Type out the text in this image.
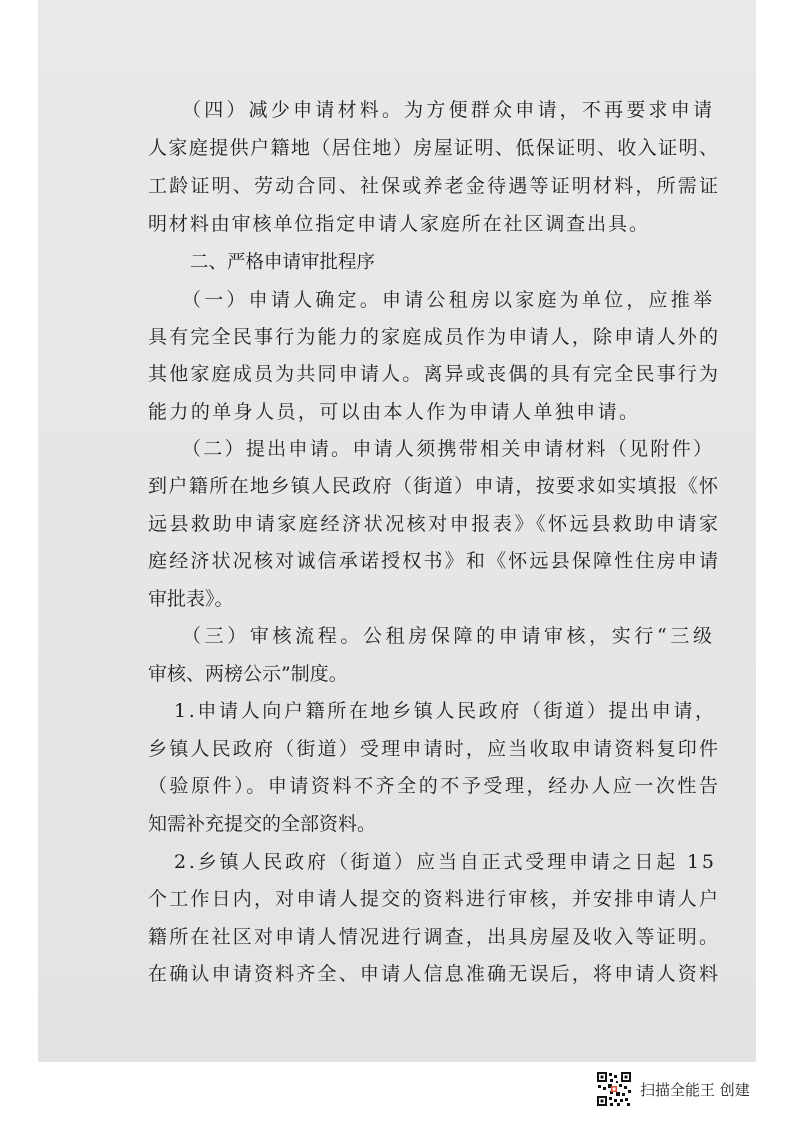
（四）减少申请材料。为方便群众申请，不再要求申请
人家庭提供户籍地（居住地）房屋证明、低保证明、收入证明、
工龄证明、劳动合同、社保或养老金待遇等证明材料，所需证
明材料由审核单位指定申请人家庭所在社区调查出具。
二、严格申请审批程序
（一）申请人确定。申请公租房以家庭为单位，应推举
具有完全民事行为能力的家庭成员作为申请人，除申请人外的
其他家庭成员为共同申请人。离异或丧偶的具有完全民事行为
能力的单身人员，可以由本人作为申请人单独申请。
（二）提出申请。申请人须携带相关申请材料（见附件）
到户籍所在地乡镇人民政府（街道）申请，按要求如实填报《怀
远县救助申请家庭经济状况核对申报表》《怀远县救助申请家
庭经济状况核对诚信承诺授权书》和《怀远县保障性住房申请
审批表》。
（三）审核流程。公租房保障的申请审核，实行“三级
审核、两榜公示”制度。
1.申请人向户籍所在地乡镇人民政府（街道）提出申请，
乡镇人民政府（街道）受理申请时，应当收取申请资料复印件
（验原件）。申请资料不齐全的不予受理，经办人应一次性告
知需补充提交的全部资料。
2.乡镇人民政府（街道）应当自正式受理申请之日起 15
个工作日内，对申请人提交的资料进行审核，并安排申请人户
籍所在社区对申请人情况进行调查，出具房屋及收入等证明。
在确认申请资料齐全、申请人信息准确无误后，将申请人资料
扫描全能王 创建
